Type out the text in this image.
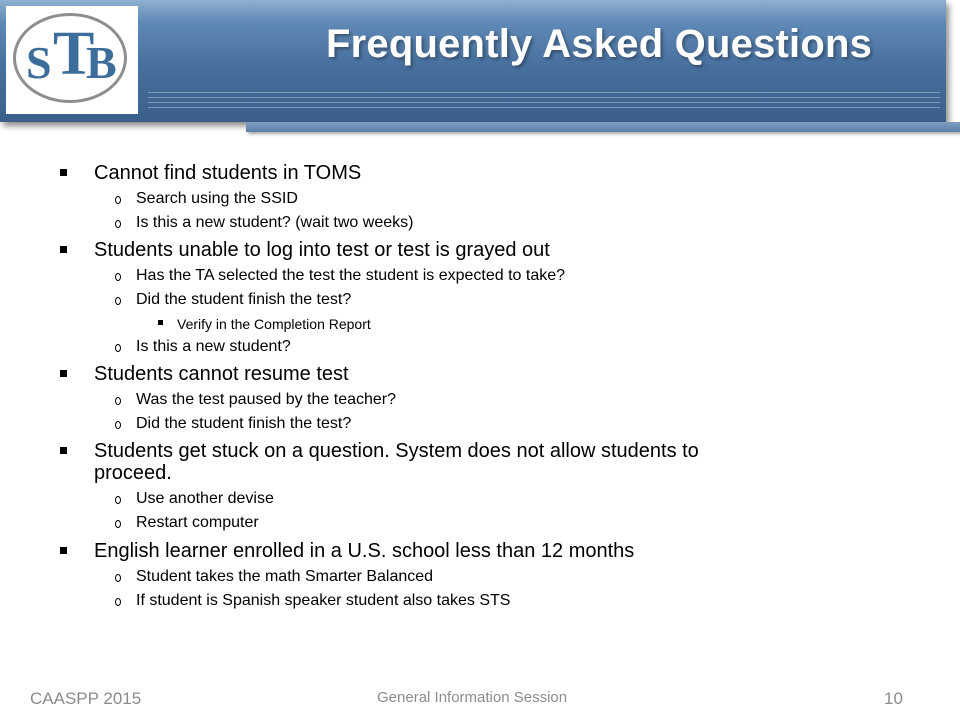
Frequently Asked Questions
S T
B
Cannot find students in TOMS
Search using the SSID
Is this a new student? (wait two weeks)
Students unable to log into test or test is grayed out
Has the TA selected the test the student is expected to take?
Did the student finish the test?
Verify in the Completion Report
Is this a new student?
Students cannot resume test
Was the test paused by the teacher?
Did the student finish the test?
Students get stuck on a question. System does not allow students to
proceed.
Use another devise
Restart computer
English learner enrolled in a U.S. school less than 12 months
Student takes the math Smarter Balanced
If student is Spanish speaker student also takes STS
CAASPP 2015	General Information Session	10
